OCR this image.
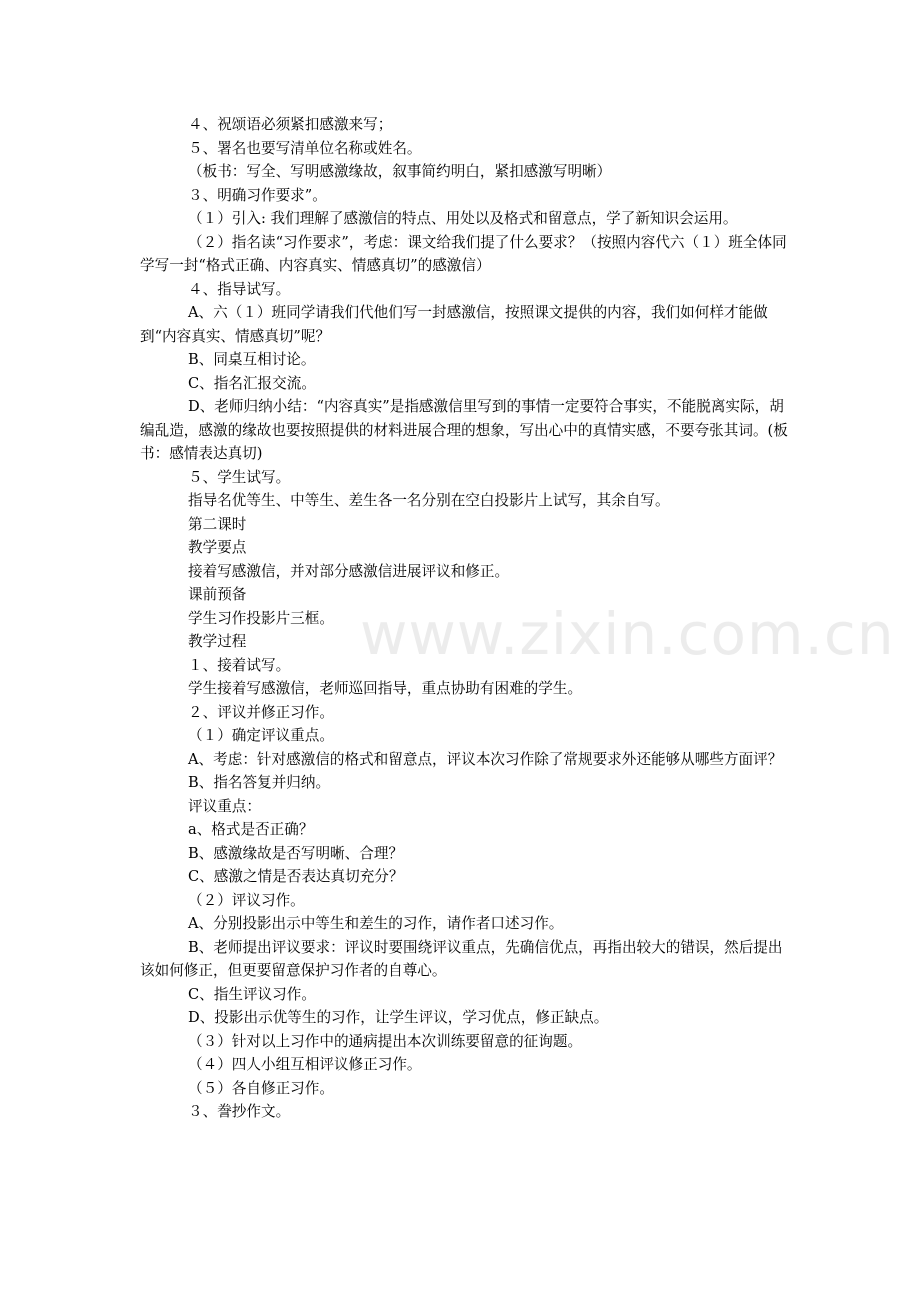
４、祝颂语必须紧扣感激来写；

５、署名也要写清单位名称或姓名。

（板书：写全、写明感激缘故，叙事简约明白，紧扣感激写明晰）

３、明确习作要求”。

（１）引入: 我们理解了感激信的特点、用处以及格式和留意点，学了新知识会运用。

（２）指名读“习作要求”，考虑：课文给我们提了什么要求？（按照内容代六（１）班全体同学写一封“格式正确、内容真实、情感真切”的感激信）

４、指导试写。

A、六（１）班同学请我们代他们写一封感激信，按照课文提供的内容，我们如何样才能做到“内容真实、情感真切”呢？

B、同桌互相讨论。

C、指名汇报交流。

D、老师归纳小结：“内容真实”是指感激信里写到的事情一定要符合事实，不能脱离实际，胡编乱造，感激的缘故也要按照提供的材料进展合理的想象，写出心中的真情实感，不要夸张其词。(板书：感情表达真切)

５、学生试写。

指导名优等生、中等生、差生各一名分别在空白投影片上试写，其余自写。

第二课时

教学要点

接着写感激信，并对部分感激信进展评议和修正。

课前预备

学生习作投影片三框。

教学过程

１、接着试写。

学生接着写感激信，老师巡回指导，重点协助有困难的学生。

２、评议并修正习作。

（１）确定评议重点。

A、考虑：针对感激信的格式和留意点，评议本次习作除了常规要求外还能够从哪些方面评？

B、指名答复并归纳。

评议重点：

a、格式是否正确？

B、感激缘故是否写明晰、合理？

C、感激之情是否表达真切充分？

（２）评议习作。

A、分别投影出示中等生和差生的习作，请作者口述习作。

B、老师提出评议要求：评议时要围绕评议重点，先确信优点，再指出较大的错误，然后提出该如何修正，但更要留意保护习作者的自尊心。

C、指生评议习作。

D、投影出示优等生的习作，让学生评议，学习优点，修正缺点。

（３）针对以上习作中的通病提出本次训练要留意的征询题。

（４）四人小组互相评议修正习作。

（５）各自修正习作。

３、誊抄作文。

www.zixin.com.cn
